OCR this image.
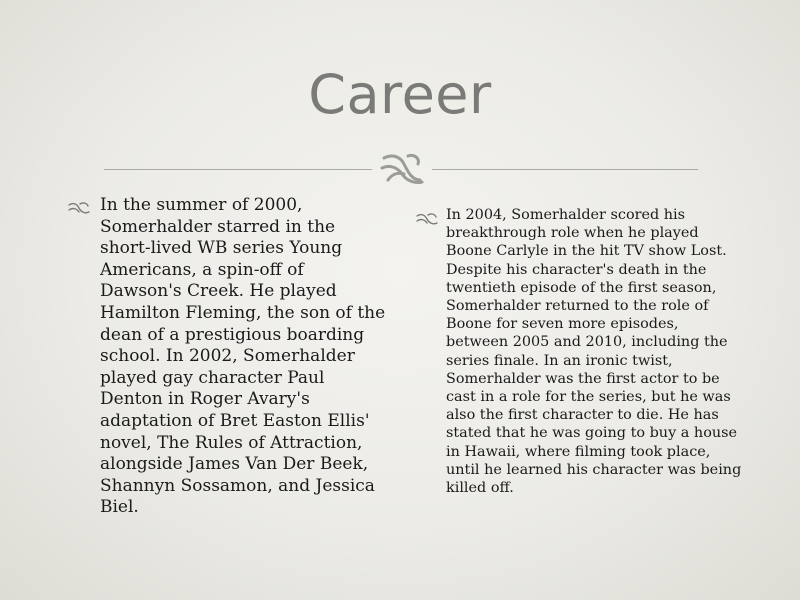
Career
In the summer of 2000, Somerhalder starred in the short-lived WB series Young Americans, a spin-off of Dawson's Creek. He played Hamilton Fleming, the son of the dean of a prestigious boarding school. In 2002, Somerhalder played gay character Paul Denton in Roger Avary's adaptation of Bret Easton Ellis' novel, The Rules of Attraction, alongside James Van Der Beek, Shannyn Sossamon, and Jessica Biel.
In 2004, Somerhalder scored his breakthrough role when he played Boone Carlyle in the hit TV show Lost. Despite his character's death in the twentieth episode of the first season, Somerhalder returned to the role of Boone for seven more episodes, between 2005 and 2010, including the series finale. In an ironic twist, Somerhalder was the first actor to be cast in a role for the series, but he was also the first character to die. He has stated that he was going to buy a house in Hawaii, where filming took place, until he learned his character was being killed off.
